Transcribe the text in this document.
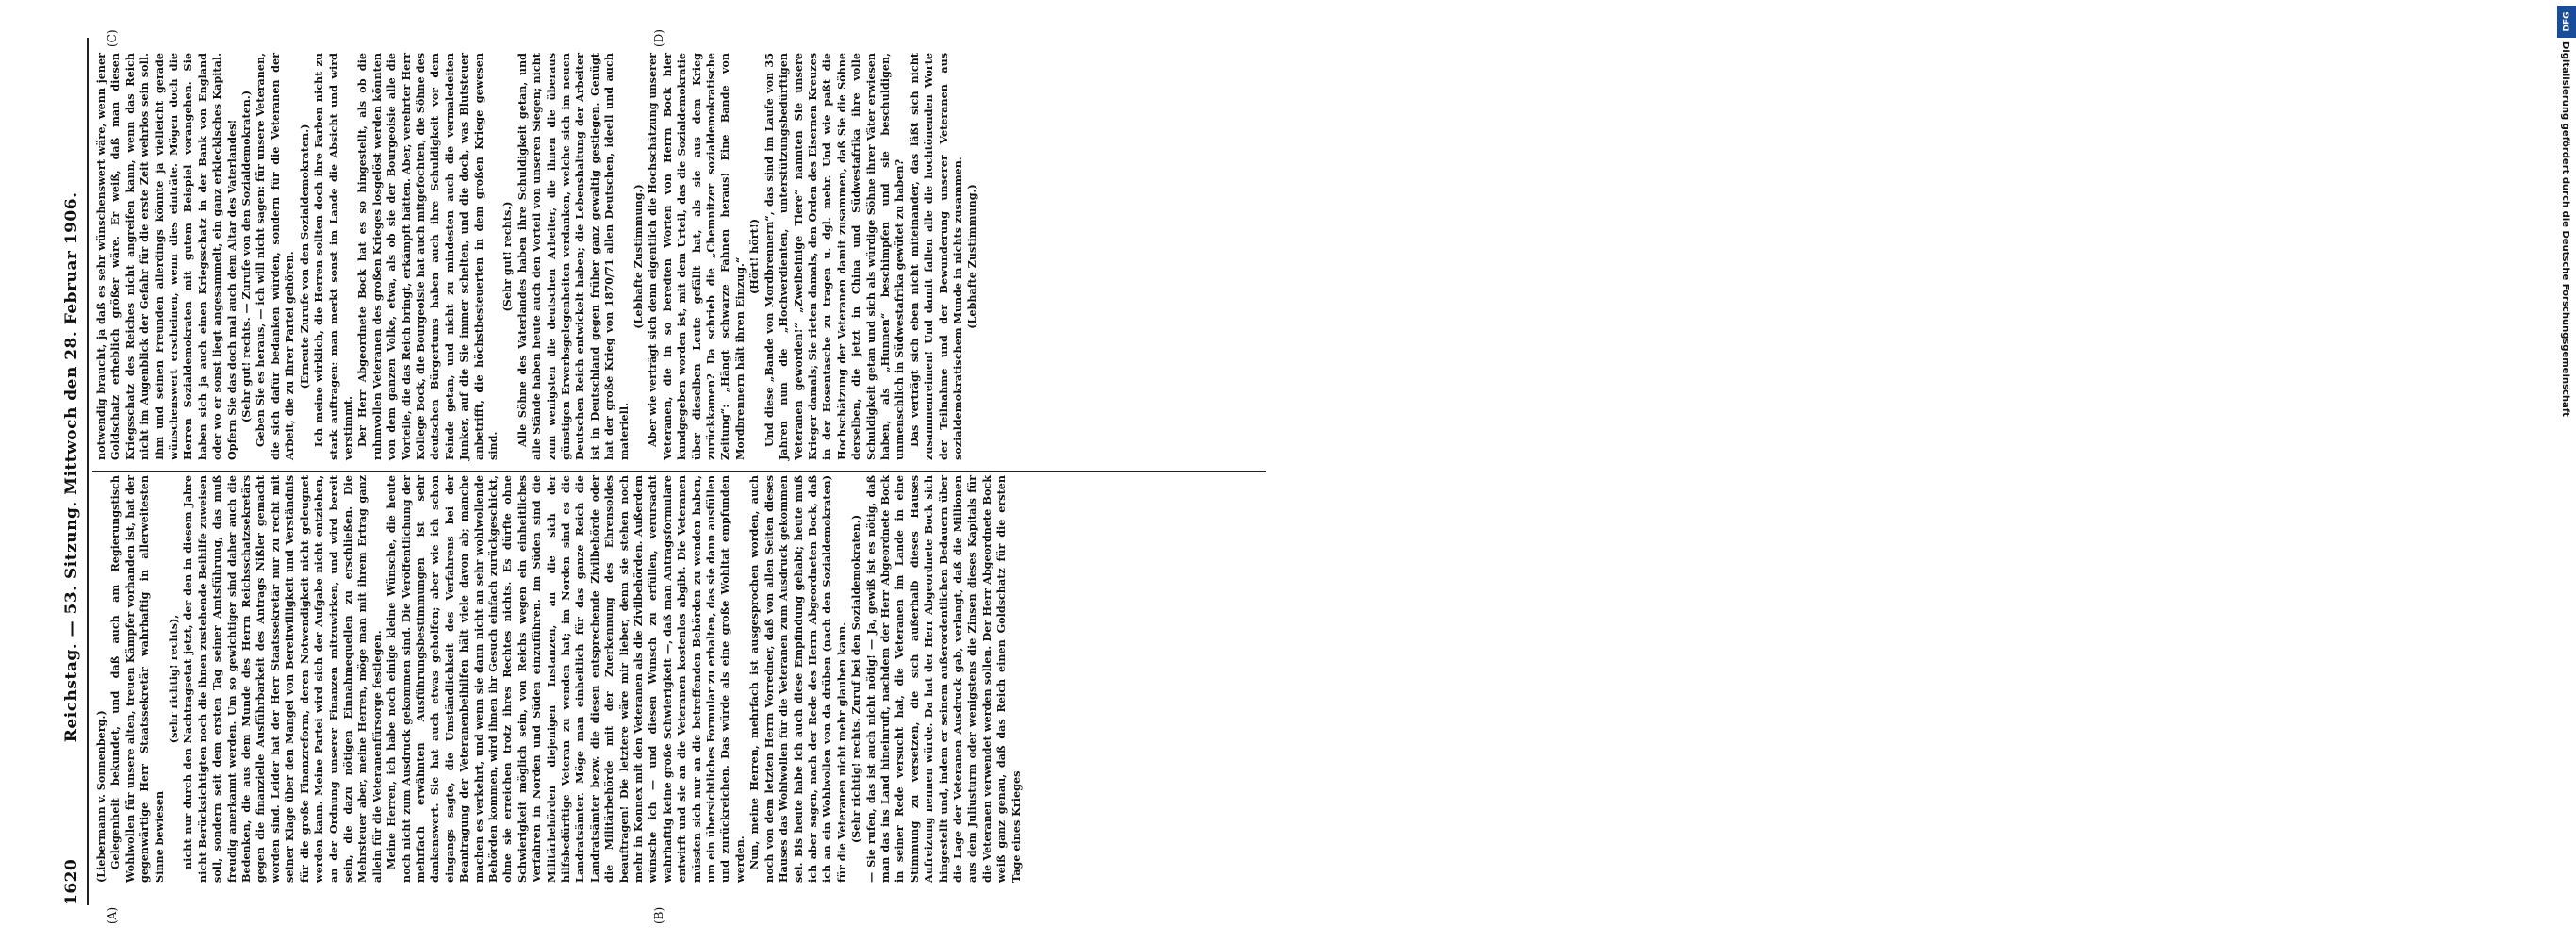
1620
Reichstag. — 53. Sitzung. Mittwoch den 28. Februar 1906.
(A)	(B)
(C)	(D)

(Liebermann v. Sonnenberg.) Gelegenheit bekundet, und daß auch am Regierungstisch Wohlwollen für unsere alten, treuen Kämpfer vorhanden ist, hat der gegenwärtige Herr Staatssekretär wahrhaftig in allerweitesten Sinne bewiesen

(sehr richtig! rechts), nicht nur durch den Nachtragsetat jetzt, der den in diesem Jahre nicht Berücksichtigten noch die ihnen zustehende Beihilfe zuweisen soll, sondern seit dem ersten Tag seiner Amtsführung, das muß freudig anerkannt werden. Um so gewichtiger sind daher auch die Bedenken, die aus dem Munde des Herrn Reichsschatzsekretärs gegen die finanzielle Ausführbarkeit des Antrags Nißler gemacht worden sind. Leider hat der Herr Staatssekretär nur zu recht mit seiner Klage über den Mangel von Bereitwilligkeit und Verständnis für die große Finanzreform, deren Notwendigkeit nicht geleugnet werden kann. Meine Partei wird sich der Aufgabe nicht entziehen, an der Ordnung unserer Finanzen mitzuwirken, und wird bereit sein, die dazu nötigen Einnahmequellen zu erschließen. Die Mehrsteuer aber, meine Herren, möge man mit ihrem Ertrag ganz allein für die Veteranenfürsorge festlegen. Meine Herren, ich habe noch einige kleine Wünsche, die heute noch nicht zum Ausdruck gekommen sind. Die Veröffentlichung der mehrfach erwähnten Ausführungsbestimmungen ist sehr dankenswert. Sie hat auch etwas geholfen; aber wie ich schon eingangs sagte, die Umständlichkeit des Verfahrens bei der Beantragung der Veteranenbeihilfen hält viele davon ab; manche machen es verkehrt, und wenn sie dann nicht an sehr wohlwollende Behörden kommen, wird ihnen ihr Gesuch einfach zurückgeschickt, ohne sie erreichen trotz ihres Rechtes nichts. Es dürfte ohne Schwierigkeit möglich sein, von Reichs wegen ein einheitliches Verfahren in Norden und Süden einzuführen. Im Süden sind die Militärbehörden diejenigen Instanzen, an die sich der hilfsbedürftige Veteran zu wenden hat; im Norden sind es die Landratsämter. Möge man einheitlich für das ganze Reich die Landratsämter bezw. die diesen entsprechende Zivilbehörde oder die Militärbehörde mit der Zuerkennung des Ehrensoldes beauftragen! Die letztere wäre mir lieber, denn sie stehen noch mehr in Konnex mit den Veteranen als die Zivilbehörden. Außerdem wünsche ich — und diesen Wunsch zu erfüllen, verursacht wahrhaftig keine große Schwierigkeit —, daß man Antragsformulare entwirft und sie an die Veteranen kostenlos abgibt. Die Veteranen müssten sich nur an die betreffenden Behörden zu wenden haben, um ein übersichtliches Formular zu erhalten, das sie dann ausfüllen und zurückreichen. Das würde als eine große Wohltat empfunden werden. Nun, meine Herren, mehrfach ist ausgesprochen worden, auch noch von dem letzten Herrn Vorredner, daß von allen Seiten dieses Hauses das Wohlwollen für die Veteranen zum Ausdruck gekommen sei. Bis heute habe ich auch diese Empfindung gehabt; heute muß ich aber sagen, nach der Rede des Herrn Abgeordneten Bock, daß ich an ein Wohlwollen von da drüben (nach den Sozialdemokraten) für die Veteranen nicht mehr glauben kann. (Sehr richtig! rechts. Zuruf bei den Sozialdemokraten.) — Sie rufen, das ist auch nicht nötig! — Ja, gewiß ist es nötig, daß man das ins Land hineinruft, nachdem der Herr Abgeordnete Bock in seiner Rede versucht hat, die Veteranen im Lande in eine Stimmung zu versetzen, die sich außerhalb dieses Hauses Aufreizung nennen würde. Da hat der Herr Abgeordnete Bock sich hingestellt und, indem er seinem außerordentlichen Bedauern über die Lage der Veteranen Ausdruck gab, verlangt, daß die Millionen aus dem Juliusturm oder wenigstens die Zinsen dieses Kapitals für die Veteranen verwendet werden sollen. Der Herr Abgeordnete Bock weiß ganz genau, daß das Reich einen Goldschatz für die ersten Tage eines Krieges

notwendig braucht, ja daß es sehr wünschenswert wäre, wenn jener Goldschatz erheblich größer wäre. Er weiß, daß man diesen Kriegsschatz des Reiches nicht angreifen kann, wenn das Reich nicht im Augenblick der Gefahr für die erste Zeit wehrlos sein soll. Ihm und seinen Freunden allerdings könnte ja vielleicht gerade wünschenswert erscheinen, wenn dies einträte. Mögen doch die Herren Sozialdemokraten mit gutem Beispiel vorangehen. Sie haben sich ja auch einen Kriegsschatz in der Bank von England oder wo er sonst liegt angesammelt, ein ganz erklecklsches Kapital. Opfern Sie das doch mal auch dem Altar des Vaterlandes! (Sehr gut! rechts. — Zurufe von den Sozialdemokraten.) Geben Sie es heraus, — ich will nicht sagen: für unsere Veteranen, die sich dafür bedanken würden, sondern für die Veteranen der Arbeit, die zu Ihrer Partei gehören. (Erneute Zurufe von den Sozialdemokraten.) Ich meine wirklich, die Herren sollten doch ihre Farben nicht zu stark auftragen: man merkt sonst im Lande die Absicht und wird verstimmt. Der Herr Abgeordnete Bock hat es so hingestellt, als ob die ruhmvollen Veteranen des großen Krieges losgelöst werden könnten von dem ganzen Volke, etwa, als ob sie der Bourgeoisie alle die Vorteile, die das Reich bringt, erkämpft hätten. Aber, verehrter Herr Kollege Bock, die Bourgeoisie hat auch mitgefochten, die Söhne des deutschen Bürgertums haben auch ihre Schuldigkeit vor dem Feinde getan, und nicht zu mindesten auch die vermaledeiten Junker, auf die Sie immer schelten, und die doch, was Blutsteuer anbetrifft, die höchstbesteuerten in dem großen Kriege gewesen sind.

(Sehr gut! rechts.) Alle Söhne des Vaterlandes haben ihre Schuldigkeit getan, und alle Stände haben heute auch den Vorteil von unseren Siegen; nicht zum wenigsten die deutschen Arbeiter, die ihnen die überaus günstigen Erwerbsgelegenheiten verdanken, welche sich im neuen Deutschen Reich entwickelt haben; die Lebenshaltung der Arbeiter ist in Deutschland gegen früher ganz gewaltig gestiegen. Genügt hat der große Krieg von 1870/71 allen Deutschen, ideell und auch materiell.

(Lebhafte Zustimmung.) Aber wie verträgt sich denn eigentlich die Hochschätzung unserer Veteranen, die in so beredten Worten von Herrn Bock hier kundgegeben worden ist, mit dem Urteil, das die Sozialdemokratie über dieselben Leute gefällt hat, als sie aus dem Krieg zurückkamen? Da schrieb die „Chemnitzer sozialdemokratische Zeitung“: „Hängt schwarze Fahnen heraus! Eine Bande von Mordbrennern hält ihren Einzug.“

(Hört! hört!) Und diese „Bande von Mordbrennern“, das sind im Laufe von 35 Jahren nun die „Hochverdienten, unterstützungsbedürftigen Veteranen geworden!“ „Zweibeinige Tiere“ nannten Sie unsere Krieger damals; Sie rieten damals, den Orden des Eisernen Kreuzes in der Hosentasche zu tragen u. dgl. mehr. Und wie paßt die Hochschätzung der Veteranen damit zusammen, daß Sie die Söhne derselben, die jetzt in China und Südwestafrika ihre volle Schuldigkeit getan und sich als würdige Söhne ihrer Väter erwiesen haben, als „Hunnen“ beschimpfen und sie beschuldigen, unmenschlich in Südwestafrika gewütet zu haben? Das verträgt sich eben nicht miteinander, das läßt sich nicht zusammenreimen! Und damit fallen alle die hochtönenden Worte der Teilnahme und der Bewunderung unserer Veteranen aus sozialdemokratischem Munde in nichts zusammen. (Lebhafte Zustimmung.)

DFG
Digitalisierung gefördert durch die Deutsche Forschungsgemeinschaft
